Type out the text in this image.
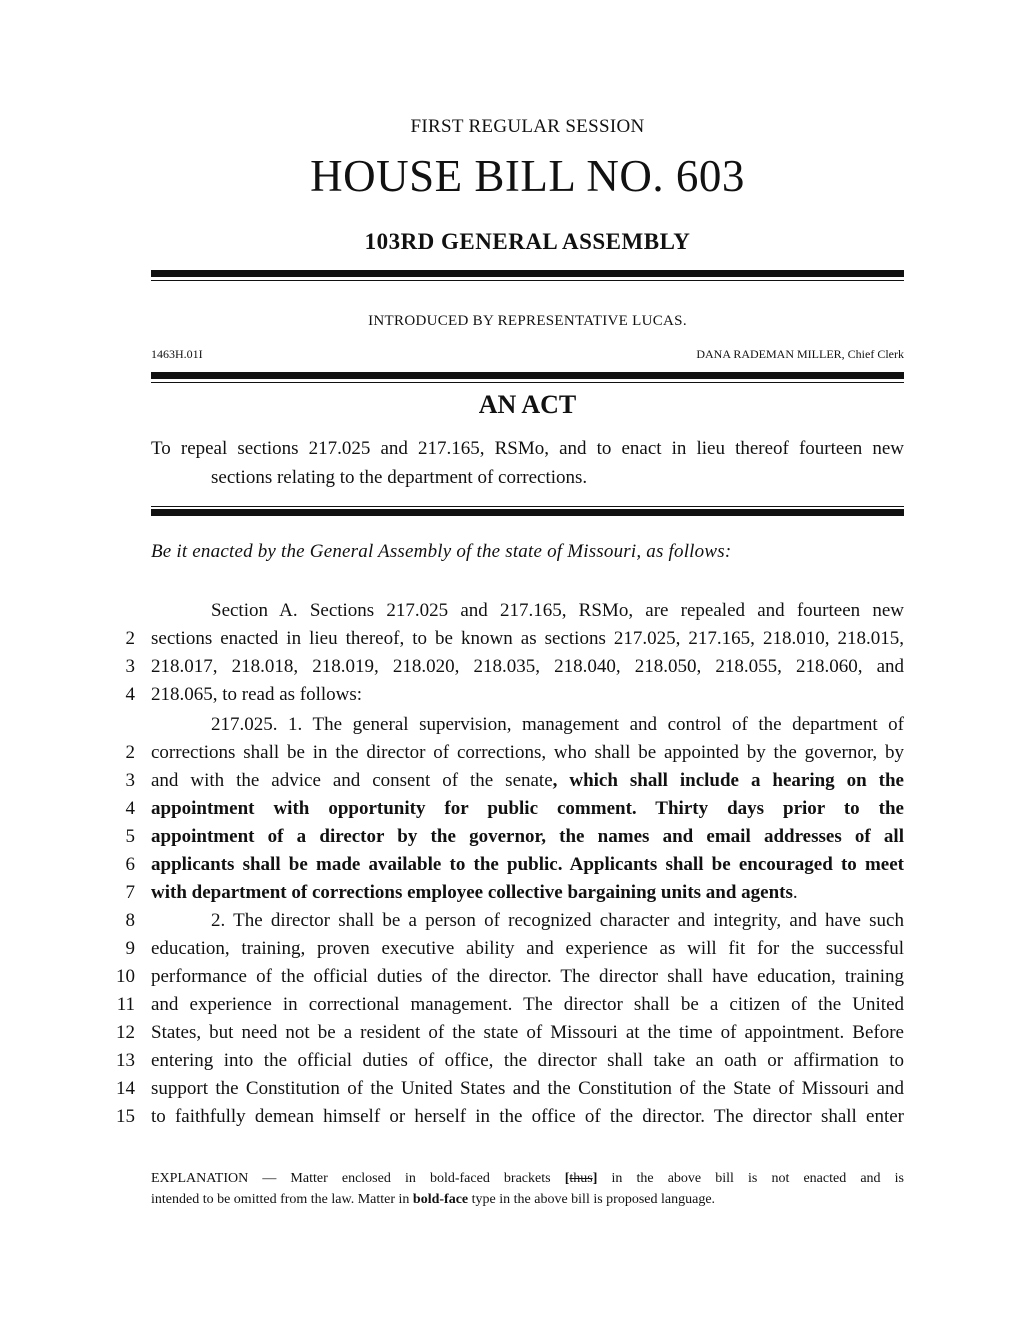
FIRST REGULAR SESSION
HOUSE BILL NO. 603
103RD GENERAL ASSEMBLY
INTRODUCED BY REPRESENTATIVE LUCAS.
1463H.01I	DANA RADEMAN MILLER, Chief Clerk
AN ACT
To repeal sections 217.025 and 217.165, RSMo, and to enact in lieu thereof fourteen new
sections relating to the department of corrections.
Be it enacted by the General Assembly of the state of Missouri, as follows:
Section A. Sections 217.025 and 217.165, RSMo, are repealed and fourteen new
2 sections enacted in lieu thereof, to be known as sections 217.025, 217.165, 218.010, 218.015,
3 218.017, 218.018, 218.019, 218.020, 218.035, 218.040, 218.050, 218.055, 218.060, and
4 218.065, to read as follows:
217.025. 1. The general supervision, management and control of the department of
2 corrections shall be in the director of corrections, who shall be appointed by the governor, by
3 and with the advice and consent of the senate, which shall include a hearing on the
4 appointment with opportunity for public comment. Thirty days prior to the
5 appointment of a director by the governor, the names and email addresses of all
6 applicants shall be made available to the public. Applicants shall be encouraged to meet
7 with department of corrections employee collective bargaining units and agents.
8	2. The director shall be a person of recognized character and integrity, and have such
9 education, training, proven executive ability and experience as will fit for the successful
10 performance of the official duties of the director. The director shall have education, training
11 and experience in correctional management. The director shall be a citizen of the United
12 States, but need not be a resident of the state of Missouri at the time of appointment. Before
13 entering into the official duties of office, the director shall take an oath or affirmation to
14 support the Constitution of the United States and the Constitution of the State of Missouri and
15 to faithfully demean himself or herself in the office of the director. The director shall enter
EXPLANATION — Matter enclosed in bold-faced brackets [thus] in the above bill is not enacted and is
intended to be omitted from the law. Matter in bold-face type in the above bill is proposed language.
